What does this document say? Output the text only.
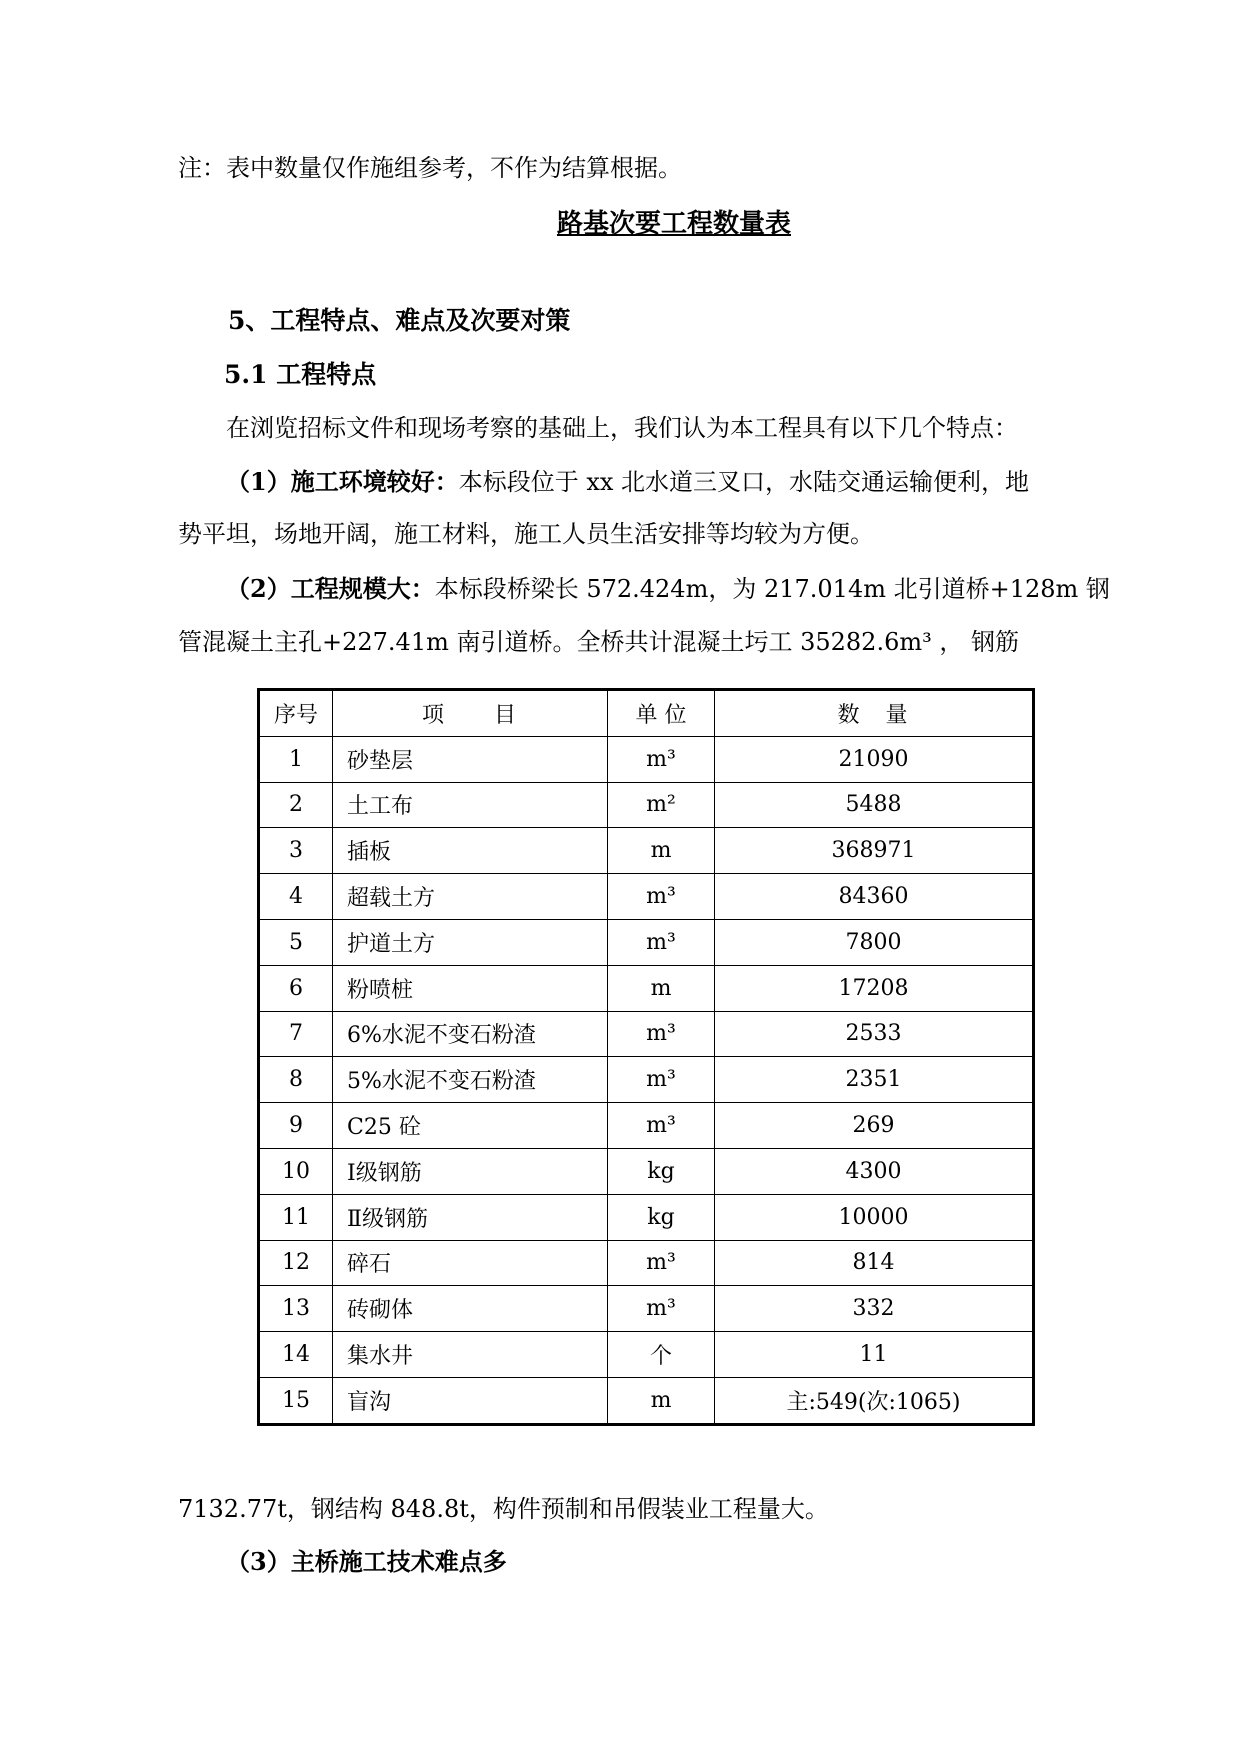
注：表中数量仅作施组参考，不作为结算根据。
路基次要工程数量表
5、工程特点、难点及次要对策
5.1 工程特点
在浏览招标文件和现场考察的基础上，我们认为本工程具有以下几个特点：
（1）施工环境较好：本标段位于 xx 北水道三叉口，水陆交通运输便利，地
势平坦，场地开阔，施工材料，施工人员生活安排等均较为方便。
（2）工程规模大：本标段桥梁长 572.424m，为 217.014m 北引道桥+128m 钢
管混凝土主孔+227.41m 南引道桥。全桥共计混凝土圬工 35282.6m³ ， 钢筋
序号	项　　目	单 位	数　量
1	砂垫层	m³	21090
2	土工布	m²	5488
3	插板	m	368971
4	超载土方	m³	84360
5	护道土方	m³	7800
6	粉喷桩	m	17208
7	6%水泥不变石粉渣	m³	2533
8	5%水泥不变石粉渣	m³	2351
9	C25 砼	m³	269
10	Ⅰ级钢筋	kg	4300
11	Ⅱ级钢筋	kg	10000
12	碎石	m³	814
13	砖砌体	m³	332
14	集水井	个	11
15	盲沟	m	主:549(次:1065)
7132.77t，钢结构 848.8t，构件预制和吊假装业工程量大。
（3）主桥施工技术难点多
